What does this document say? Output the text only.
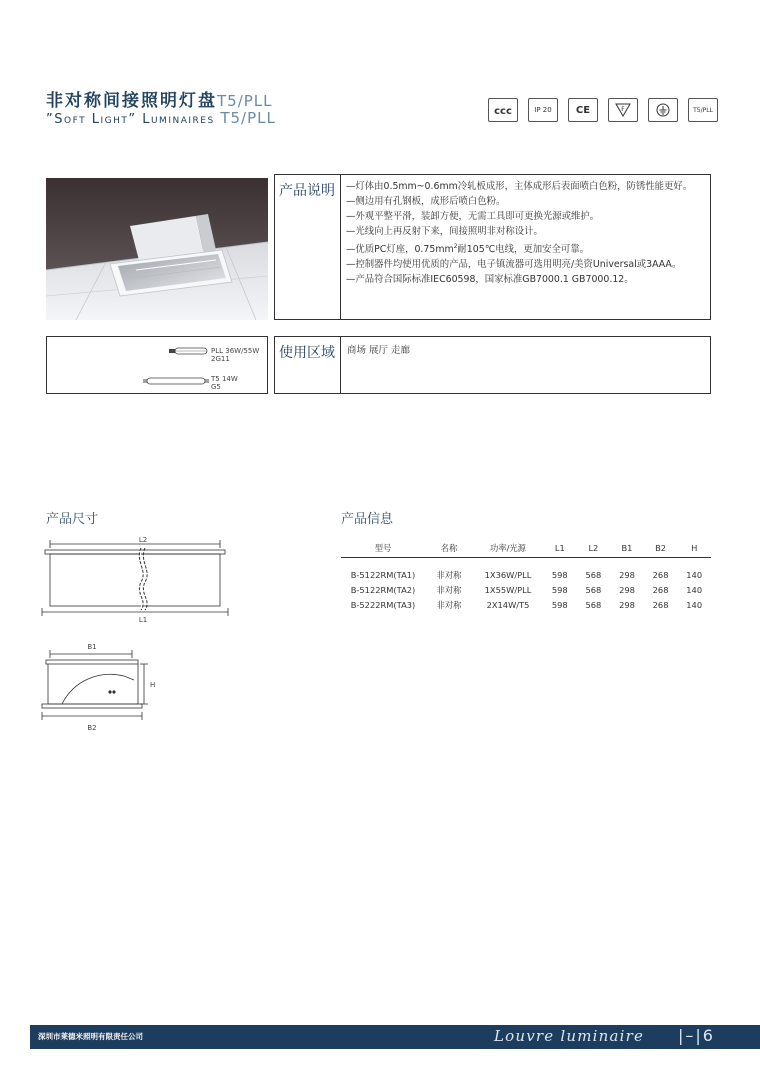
非对称间接照明灯盘T5/PLL
”Soft Light” Luminaires T5/PLL	ccc	IP 20 CE	F	T5/PLL
产品说明 —灯体由0.5mm~0.6mm冷轧板成形，主体成形后表面喷白色粉，防锈性能更好。

—侧边用有孔钢板，成形后喷白色粉。

—外观平整平滑，装卸方便，无需工具即可更换光源或维护。

—光线向上再反射下来，间接照明非对称设计。

—优质PC灯座，$0.75mm^2$耐105℃电线，更加安全可靠。

—控制器件均使用优质的产品，电子镇流器可选用明亮/美资Universal或3AAA。

—产品符合国际标准IEC60598，国家标准GB7000.1 GB7000.12。

PLL 36W/55W
2G11
T5 14W
G5
使用区域 商场 展厅 走廊
产品尺寸	产品信息
L2
L1
B1
H
B2
型号	名称	功率/光源	L1	L2	B1	B2	H
B-5122RM(TA1)	非对称	1X36W/PLL	598	568	298	268	140
B-5122RM(TA2)	非对称	1X55W/PLL	598	568	298	268	140
B-5222RM(TA3)	非对称	2X14W/T5	598	568	298	268	140
深圳市莱德米照明有限责任公司	Louvre luminaire |–|6
